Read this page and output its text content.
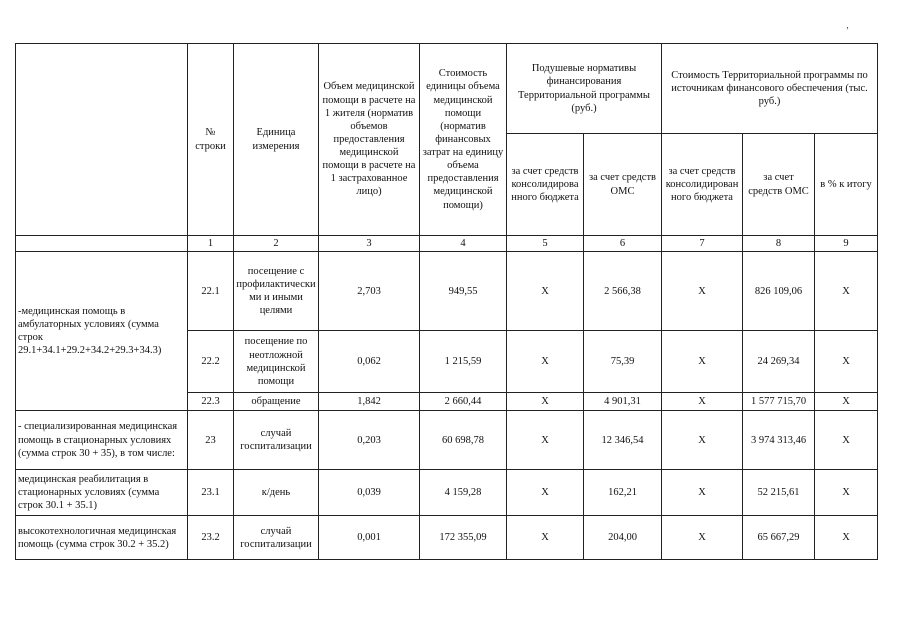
‚
	№ строки	Единица измерения	Объем медицинской помощи в расчете на 1 жителя (норматив объемов предоставления медицинской помощи в расчете на 1 застрахованное лицо)	Стоимость единицы объема медицинской помощи (норматив финансовых затрат на единицу объема предоставления медицинской помощи)	Подушевые нормативы финансирования Территориальной программы (руб.)		Стоимость Территориальной программы по источникам финансового обеспечения (тыс. руб.)		
					за счет средств консолидированного бюджета	за счет средств ОМС	за счет средств консолидированного бюджета	за счет средств ОМС	в % к итогу
	1	2	3	4	5	6	7	8	9
-медицинская помощь в амбулаторных условиях (сумма строк 29.1+34.1+29.2+34.2+29.3+34.3)	22.1	посещение с профилактическими и иными целями	2,703	949,55	Х	2 566,38	Х	826 109,06	Х
	22.2	посещение по неотложной медицинской помощи	0,062	1 215,59	Х	75,39	Х	24 269,34	Х
	22.3	обращение	1,842	2 660,44	Х	4 901,31	Х	1 577 715,70	Х
- специализированная медицинская помощь в стационарных условиях (сумма строк 30 + 35), в том числе:	23	случай госпитализации	0,203	60 698,78	Х	12 346,54	Х	3 974 313,46	Х
медицинская реабилитация в стационарных условиях (сумма строк 30.1 + 35.1)	23.1	к/день	0,039	4 159,28	Х	162,21	Х	52 215,61	Х
высокотехнологичная медицинская помощь (сумма строк 30.2 + 35.2)	23.2	случай госпитализации	0,001	172 355,09	Х	204,00	Х	65 667,29	Х
